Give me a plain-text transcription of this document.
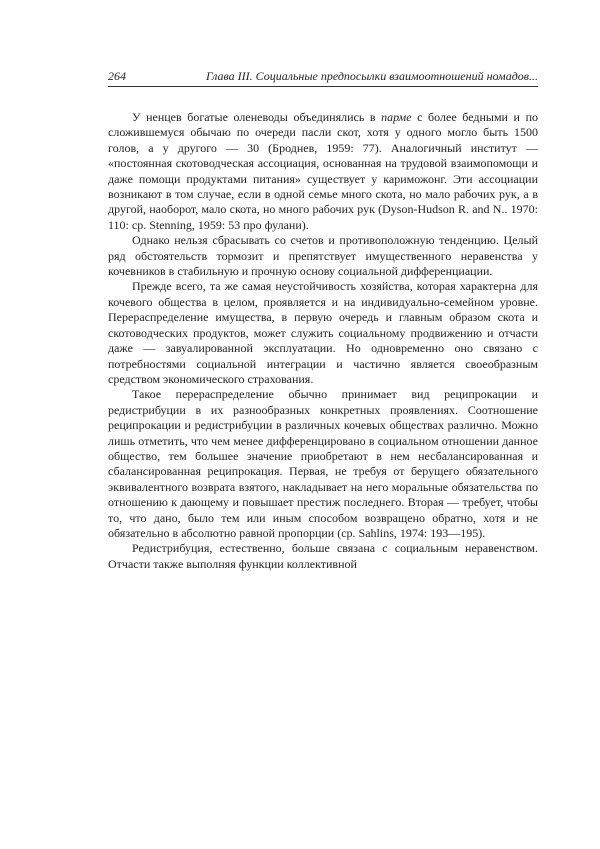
264	Глава III. Социальные предпосылки взаимоотношений номадов...

У ненцев богатые оленеводы объединялись в парме с более бедными и по сложившемуся обычаю по очереди пасли скот, хотя у одного могло быть 1500 голов, а у другого — 30 (Броднев, 1959: 77). Аналогичный институт — «постоянная скотоводческая ассоциация, основанная на трудовой взаимопомощи и даже помощи продуктами питания» существует у кариможонг. Эти ассоциации возникают в том случае, если в одной семье много скота, но мало рабочих рук, а в другой, наоборот, мало скота, но много рабочих рук (Dyson-Hudson R. and N.. 1970: 110: ср. Stenning, 1959: 53 про фулани).

Однако нельзя сбрасывать со счетов и противоположную тенденцию. Целый ряд обстоятельств тормозит и препятствует имущественного неравенства у кочевников в стабильную и прочную основу социальной дифференциации.

Прежде всего, та же самая неустойчивость хозяйства, которая характерна для кочевого общества в целом, проявляется и на индивидуально-семейном уровне. Перераспределение имущества, в первую очередь и главным образом скота и скотоводческих продуктов, может служить социальному продвижению и отчасти даже — завуалированной эксплуатации. Но одновременно оно связано с потребностями социальной интеграции и частично является своеобразным средством экономического страхования.

Такое перераспределение обычно принимает вид реципрокации и редистрибуции в их разнообразных конкретных проявлениях. Соотношение реципрокации и редистрибуции в различных кочевых обществах различно. Можно лишь отметить, что чем менее дифференцировано в социальном отношении данное общество, тем большее значение приобретают в нем несбалансированная и сбалансированная реципрокация. Первая, не требуя от берущего обязательного эквивалентного возврата взятого, накладывает на него моральные обязательства по отношению к дающему и повышает престиж последнего. Вторая — требует, чтобы то, что дано, было тем или иным способом возвращено обратно, хотя и не обязательно в абсолютно равной пропорции (ср. Sahlins, 1974: 193—195).

Редистрибуция, естественно, больше связана с социальным неравенством. Отчасти также выполняя функции коллективной
